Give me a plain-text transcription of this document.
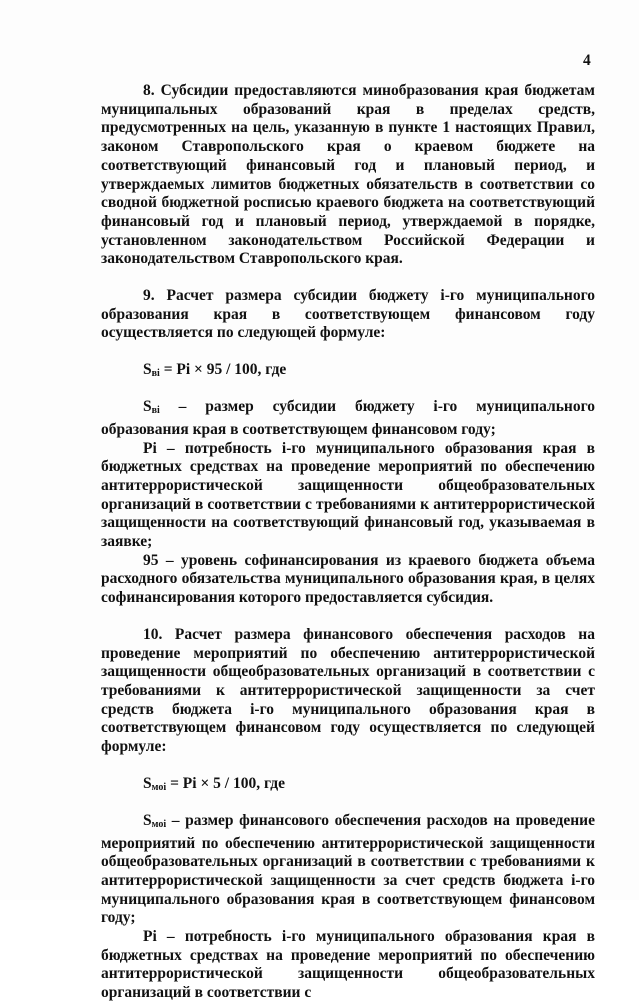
4

8. Субсидии предоставляются минобразования края бюджетам муниципальных образований края в пределах средств, предусмотренных на цель, указанную в пункте 1 настоящих Правил, законом Ставропольского края о краевом бюджете на соответствующий финансовый год и плановый период, и утверждаемых лимитов бюджетных обязательств в соответствии со сводной бюджетной росписью краевого бюджета на соответствующий финансовый год и плановый период, утверждаемой в порядке, установленном законодательством Российской Федерации и законодательством Ставропольского края.

9. Расчет размера субсидии бюджету i-го муниципального образования края в соответствующем финансовом году осуществляется по следующей формуле:

$S_{вi} = Pi \times 95 / 100$, где

$S_{вi}$ – размер субсидии бюджету i-го муниципального образования края в соответствующем финансовом году;

Pi – потребность i-го муниципального образования края в бюджетных средствах на проведение мероприятий по обеспечению антитеррористической защищенности общеобразовательных организаций в соответствии с требованиями к антитеррористической защищенности на соответствующий финансовый год, указываемая в заявке;

95 – уровень софинансирования из краевого бюджета объема расходного обязательства муниципального образования края, в целях софинансирования которого предоставляется субсидия.

10. Расчет размера финансового обеспечения расходов на проведение мероприятий по обеспечению антитеррористической защищенности общеобразовательных организаций в соответствии с требованиями к антитеррористической защищенности за счет средств бюджета i-го муниципального образования края в соответствующем финансовом году осуществляется по следующей формуле:

$S_{мoi} = Pi \times 5 / 100$, где

$S_{мoi}$ – размер финансового обеспечения расходов на проведение мероприятий по обеспечению антитеррористической защищенности общеобразовательных организаций в соответствии с требованиями к антитеррористической защищенности за счет средств бюджета i-го муниципального образования края в соответствующем финансовом году;

Pi – потребность i-го муниципального образования края в бюджетных средствах на проведение мероприятий по обеспечению антитеррористической защищенности общеобразовательных организаций в соответствии с
